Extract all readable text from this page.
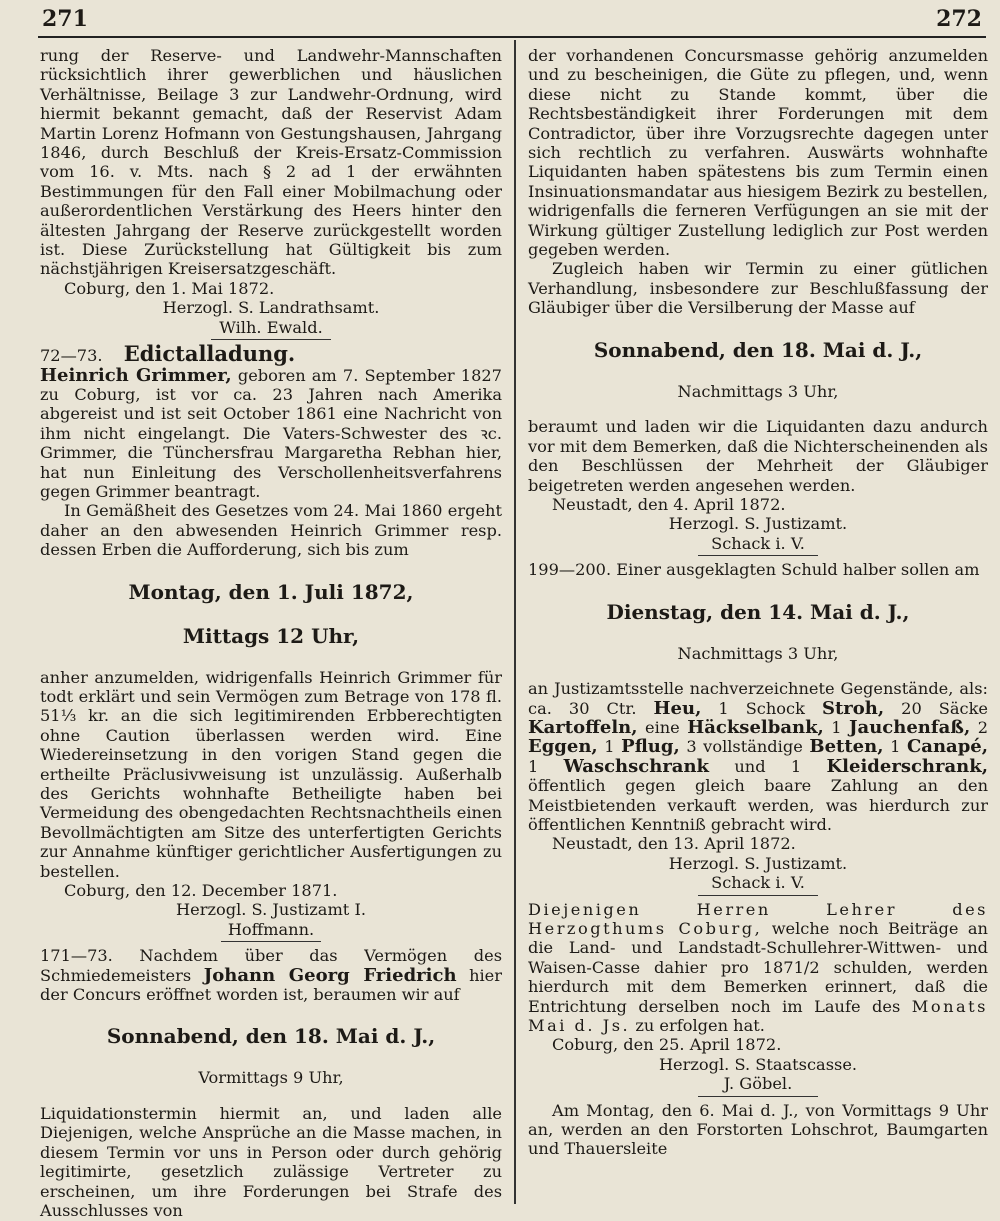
271	272

rung der Reserve- und Landwehr-Mannschaften rücksichtlich ihrer gewerblichen und häuslichen Verhältnisse, Beilage 3 zur Landwehr-Ordnung, wird hiermit bekannt gemacht, daß der Reservist Adam Martin Lorenz Hofmann von Gestungshausen, Jahrgang 1846, durch Beschluß der Kreis-Ersatz-Commission vom 16. v. Mts. nach § 2 ad 1 der erwähnten Bestimmungen für den Fall einer Mobilmachung oder außerordentlichen Verstärkung des Heers hinter den ältesten Jahrgang der Reserve zurückgestellt worden ist. Diese Zurückstellung hat Gültigkeit bis zum nächstjährigen Kreisersatzgeschäft.

Coburg, den 1. Mai 1872.

Herzogl. S. Landrathsamt.

Wilh. Ewald.

72—73. Edictalladung.

Heinrich Grimmer, geboren am 7. September 1827 zu Coburg, ist vor ca. 23 Jahren nach Amerika abgereist und ist seit October 1861 eine Nachricht von ihm nicht eingelangt. Die Vaters-Schwester des ꝛc. Grimmer, die Tünchersfrau Margaretha Rebhan hier, hat nun Einleitung des Verschollenheitsverfahrens gegen Grimmer beantragt.

In Gemäßheit des Gesetzes vom 24. Mai 1860 ergeht daher an den abwesenden Heinrich Grimmer resp. dessen Erben die Aufforderung, sich bis zum

Montag, den 1. Juli 1872,

Mittags 12 Uhr,

anher anzumelden, widrigenfalls Heinrich Grimmer für todt erklärt und sein Vermögen zum Betrage von 178 fl. 51⅓ kr. an die sich legitimirenden Erbberechtigten ohne Caution überlassen werden wird. Eine Wiedereinsetzung in den vorigen Stand gegen die ertheilte Präclusivweisung ist unzulässig. Außerhalb des Gerichts wohnhafte Betheiligte haben bei Vermeidung des obengedachten Rechtsnachtheils einen Bevollmächtigten am Sitze des unterfertigten Gerichts zur Annahme künftiger gerichtlicher Ausfertigungen zu bestellen.

Coburg, den 12. December 1871.

Herzogl. S. Justizamt I.

Hoffmann.

171—73. Nachdem über das Vermögen des Schmiedemeisters Johann Georg Friedrich hier der Concurs eröffnet worden ist, beraumen wir auf

Sonnabend, den 18. Mai d. J.,

Vormittags 9 Uhr,

Liquidationstermin hiermit an, und laden alle Diejenigen, welche Ansprüche an die Masse machen, in diesem Termin vor uns in Person oder durch gehörig legitimirte, gesetzlich zulässige Vertreter zu erscheinen, um ihre Forderungen bei Strafe des Ausschlusses von

der vorhandenen Concursmasse gehörig anzumelden und zu bescheinigen, die Güte zu pflegen, und, wenn diese nicht zu Stande kommt, über die Rechtsbeständigkeit ihrer Forderungen mit dem Contradictor, über ihre Vorzugsrechte dagegen unter sich rechtlich zu verfahren. Auswärts wohnhafte Liquidanten haben spätestens bis zum Termin einen Insinuationsmandatar aus hiesigem Bezirk zu bestellen, widrigenfalls die ferneren Verfügungen an sie mit der Wirkung gültiger Zustellung lediglich zur Post werden gegeben werden.

Zugleich haben wir Termin zu einer gütlichen Verhandlung, insbesondere zur Beschlußfassung der Gläubiger über die Versilberung der Masse auf

Sonnabend, den 18. Mai d. J.,

Nachmittags 3 Uhr,

beraumt und laden wir die Liquidanten dazu andurch vor mit dem Bemerken, daß die Nichterscheinenden als den Beschlüssen der Mehrheit der Gläubiger beigetreten werden angesehen werden.

Neustadt, den 4. April 1872.

Herzogl. S. Justizamt.

Schack i. V.

199—200. Einer ausgeklagten Schuld halber sollen am

Dienstag, den 14. Mai d. J.,

Nachmittags 3 Uhr,

an Justizamtsstelle nachverzeichnete Gegenstände, als: ca. 30 Ctr. Heu, 1 Schock Stroh, 20 Säcke Kartoffeln, eine Häckselbank, 1 Jauchenfaß, 2 Eggen, 1 Pflug, 3 vollständige Betten, 1 Canapé, 1 Waschschrank und 1 Kleiderschrank, öffentlich gegen gleich baare Zahlung an den Meistbietenden verkauft werden, was hierdurch zur öffentlichen Kenntniß gebracht wird.

Neustadt, den 13. April 1872.

Herzogl. S. Justizamt.

Schack i. V.

Diejenigen Herren Lehrer des Herzogthums Coburg, welche noch Beiträge an die Land- und Landstadt-Schullehrer-Wittwen- und Waisen-Casse dahier pro 1871/2 schulden, werden hierdurch mit dem Bemerken erinnert, daß die Entrichtung derselben noch im Laufe des Monats Mai d. Js. zu erfolgen hat.

Coburg, den 25. April 1872.

Herzogl. S. Staatscasse.

J. Göbel.

Am Montag, den 6. Mai d. J., von Vormittags 9 Uhr an, werden an den Forstorten Lohschrot, Baumgarten und Thauersleite
